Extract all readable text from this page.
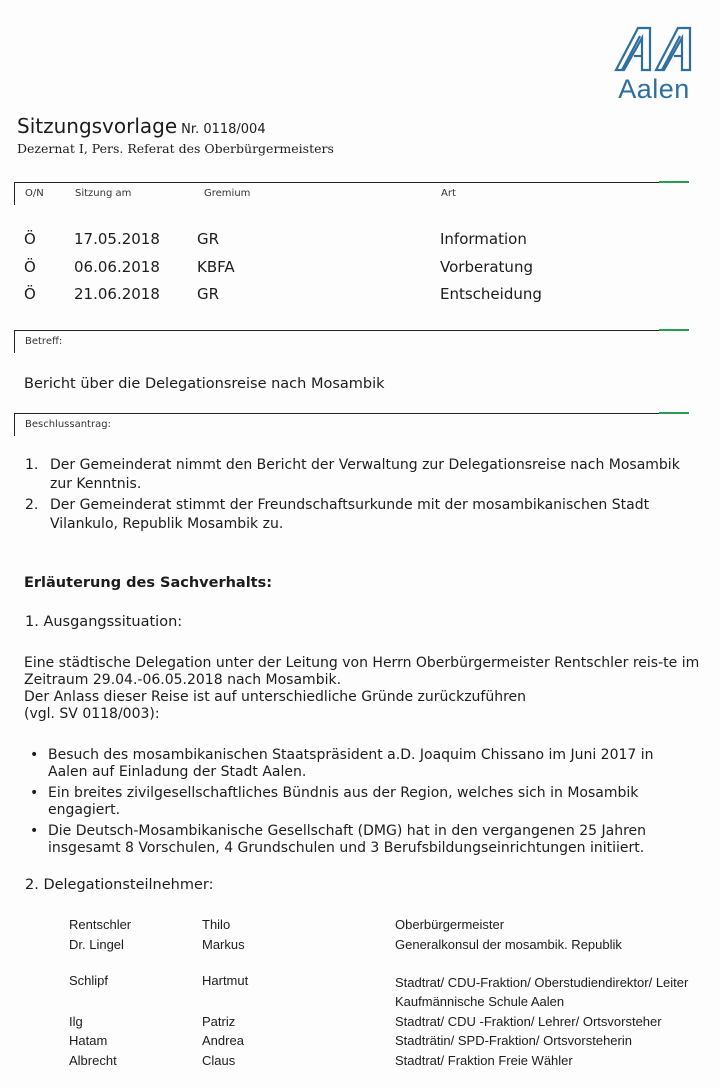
Aalen
Sitzungsvorlage Nr. 0118/004
Dezernat I, Pers. Referat des Oberbürgermeisters
O/N	Sitzung am	Gremium	Art
Ö	17.05.2018 GR	Information
Ö	06.06.2018 KBFA	Vorberatung
Ö	21.06.2018 GR	Entscheidung
Betreff:
Bericht über die Delegationsreise nach Mosambik
Beschlussantrag:
1. Der Gemeinderat nimmt den Bericht der Verwaltung zur Delegationsreise nach Mosambik zur Kenntnis.
2. Der Gemeinderat stimmt der Freundschaftsurkunde mit der mosambikanischen Stadt Vilankulo, Republik Mosambik zu.
Erläuterung des Sachverhalts:
1. Ausgangssituation:
Eine städtische Delegation unter der Leitung von Herrn Oberbürgermeister Rentschler reis-te im Zeitraum 29.04.-06.05.2018 nach Mosambik.
Der Anlass dieser Reise ist auf unterschiedliche Gründe zurückzuführen (vgl. SV 0118/003):
• Besuch des mosambikanischen Staatspräsident a.D. Joaquim Chissano im Juni 2017 in Aalen auf Einladung der Stadt Aalen.
• Ein breites zivilgesellschaftliches Bündnis aus der Region, welches sich in Mosambik engagiert.
• Die Deutsch-Mosambikanische Gesellschaft (DMG) hat in den vergangenen 25 Jahren insgesamt 8 Vorschulen, 4 Grundschulen und 3 Berufsbildungseinrichtungen initiiert.
2. Delegationsteilnehmer:
Rentschler	Thilo	Oberbürgermeister
Dr. Lingel	Markus	Generalkonsul der mosambik. Republik
Schlipf	Hartmut	Stadtrat/ CDU-Fraktion/ Oberstudiendirektor/ Leiter Kaufmännische Schule Aalen
Ilg	Patriz	Stadtrat/ CDU -Fraktion/ Lehrer/ Ortsvorsteher
Hatam	Andrea	Stadträtin/ SPD-Fraktion/ Ortsvorsteherin
Albrecht	Claus	Stadtrat/ Fraktion Freie Wähler
